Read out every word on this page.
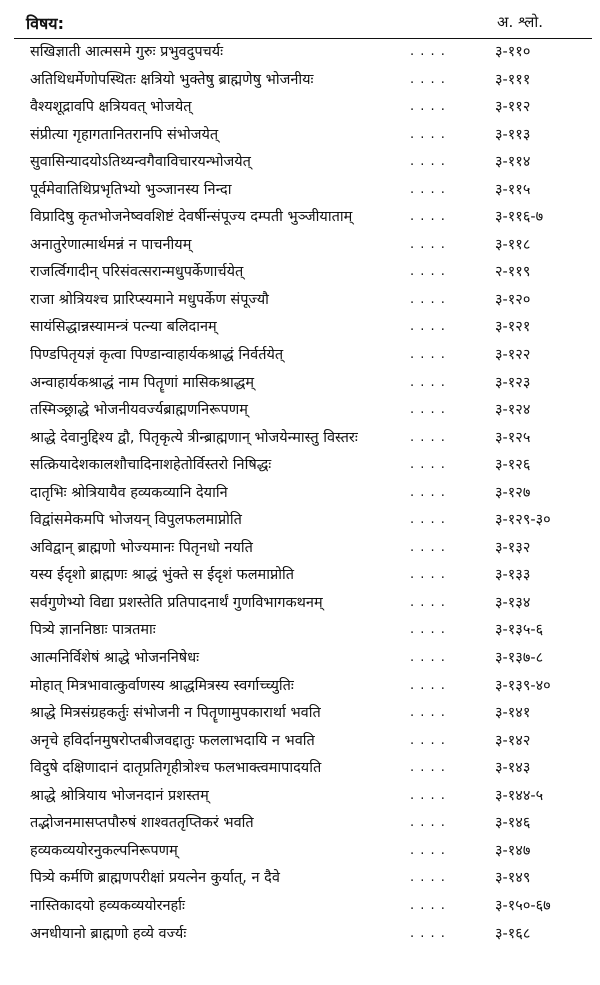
विषय:	अ. श्लो.
सखिज्ञाती आत्मसमे गुरुः प्रभुवदुपचर्यः	. . . .	३-११०
अतिथिधर्मेणोपस्थितः क्षत्रियो भुक्तेषु ब्राह्मणेषु भोजनीयः	. . . .	३-१११
वैश्यशूद्रावपि क्षत्रियवत् भोजयेत्	. . . .	३-११२
संप्रीत्या गृहागतानितरानपि संभोजयेत्	. . . .	३-११३
सुवासिन्यादयोऽतिथ्यन्वगैवाविचारयन्भोजयेत्	. . . .	३-११४
पूर्वमेवातिथिप्रभृतिभ्यो भुञ्जानस्य निन्दा	. . . .	३-११५
विप्रादिषु कृतभोजनेष्ववशिष्टं देवर्षीन्संपूज्य दम्पती भुञ्जीयाताम्	. . . .	३-११६-७
अनातुरेणात्मार्थमन्नं न पाचनीयम्	. . . .	३-११८
राजर्त्विगादीन् परिसंवत्सरान्मधुपर्केणार्चयेत्	. . . .	२-११९
राजा श्रोत्रियश्च प्रारिप्स्यमाने मधुपर्केण संपूज्यौ	. . . .	३-१२०
सायंसिद्धान्नस्यामन्त्रं पत्न्या बलिदानम्	. . . .	३-१२१
पिण्डपितृयज्ञं कृत्वा पिण्डान्वाहार्यकश्राद्धं निर्वर्तयेत्	. . . .	३-१२२
अन्वाहार्यकश्राद्धं नाम पितॄणां मासिकश्राद्धम्	. . . .	३-१२३
तस्मिञ्छ्राद्धे भोजनीयवर्ज्यब्राह्मणनिरूपणम्	. . . .	३-१२४
श्राद्धे देवानुद्दिश्य द्वौ, पितृकृत्ये त्रीन्ब्राह्मणान् भोजयेन्मास्तु विस्तरः	. . . .	३-१२५
सत्क्रियादेशकालशौचादिनाशहेतोर्विस्तरो निषिद्धः	. . . .	३-१२६
दातृभिः श्रोत्रियायैव हव्यकव्यानि देयानि	. . . .	३-१२७
विद्वांसमेकमपि भोजयन् विपुलफलमाप्नोति	. . . .	३-१२९-३०
अविद्वान् ब्राह्मणो भोज्यमानः पितृनधो नयति	. . . .	३-१३२
यस्य ईदृशो ब्राह्मणः श्राद्धं भुंक्ते स ईदृशं फलमाप्नोति	. . . .	३-१३३
सर्वगुणेभ्यो विद्या प्रशस्तेति प्रतिपादनार्थं गुणविभागकथनम्	. . . .	३-१३४
पित्र्ये ज्ञाननिष्ठाः पात्रतमाः	. . . .	३-१३५-६
आत्मनिर्विशेषं श्राद्धे भोजननिषेधः	. . . .	३-१३७-८
मोहात् मित्रभावात्कुर्वाणस्य श्राद्धमित्रस्य स्वर्गाच्च्युतिः	. . . .	३-१३९-४०
श्राद्धे मित्रसंग्रहकर्तुः संभोजनी न पितॄणामुपकारार्था भवति	. . . .	३-१४१
अनृचे हविर्दानमुषरोप्तबीजवद्दातुः फललाभदायि न भवति	. . . .	३-१४२
विदुषे दक्षिणादानं दातृप्रतिगृहीत्रोश्च फलभाक्त्वमापादयति	. . . .	३-१४३
श्राद्धे श्रोत्रियाय भोजनदानं प्रशस्तम्	. . . .	३-१४४-५
तद्भोजनमासप्तपौरुषं शाश्वततृप्तिकरं भवति	. . . .	३-१४६
हव्यकव्ययोरनुकल्पनिरूपणम्	. . . .	३-१४७
पित्र्ये कर्मणि ब्राह्मणपरीक्षां प्रयत्नेन कुर्यात्, न दैवे	. . . .	३-१४९
नास्तिकादयो हव्यकव्ययोरनर्हाः	. . . .	३-१५०-६७
अनधीयानो ब्राह्मणो हव्ये वर्ज्यः	. . . .	३-१६८
